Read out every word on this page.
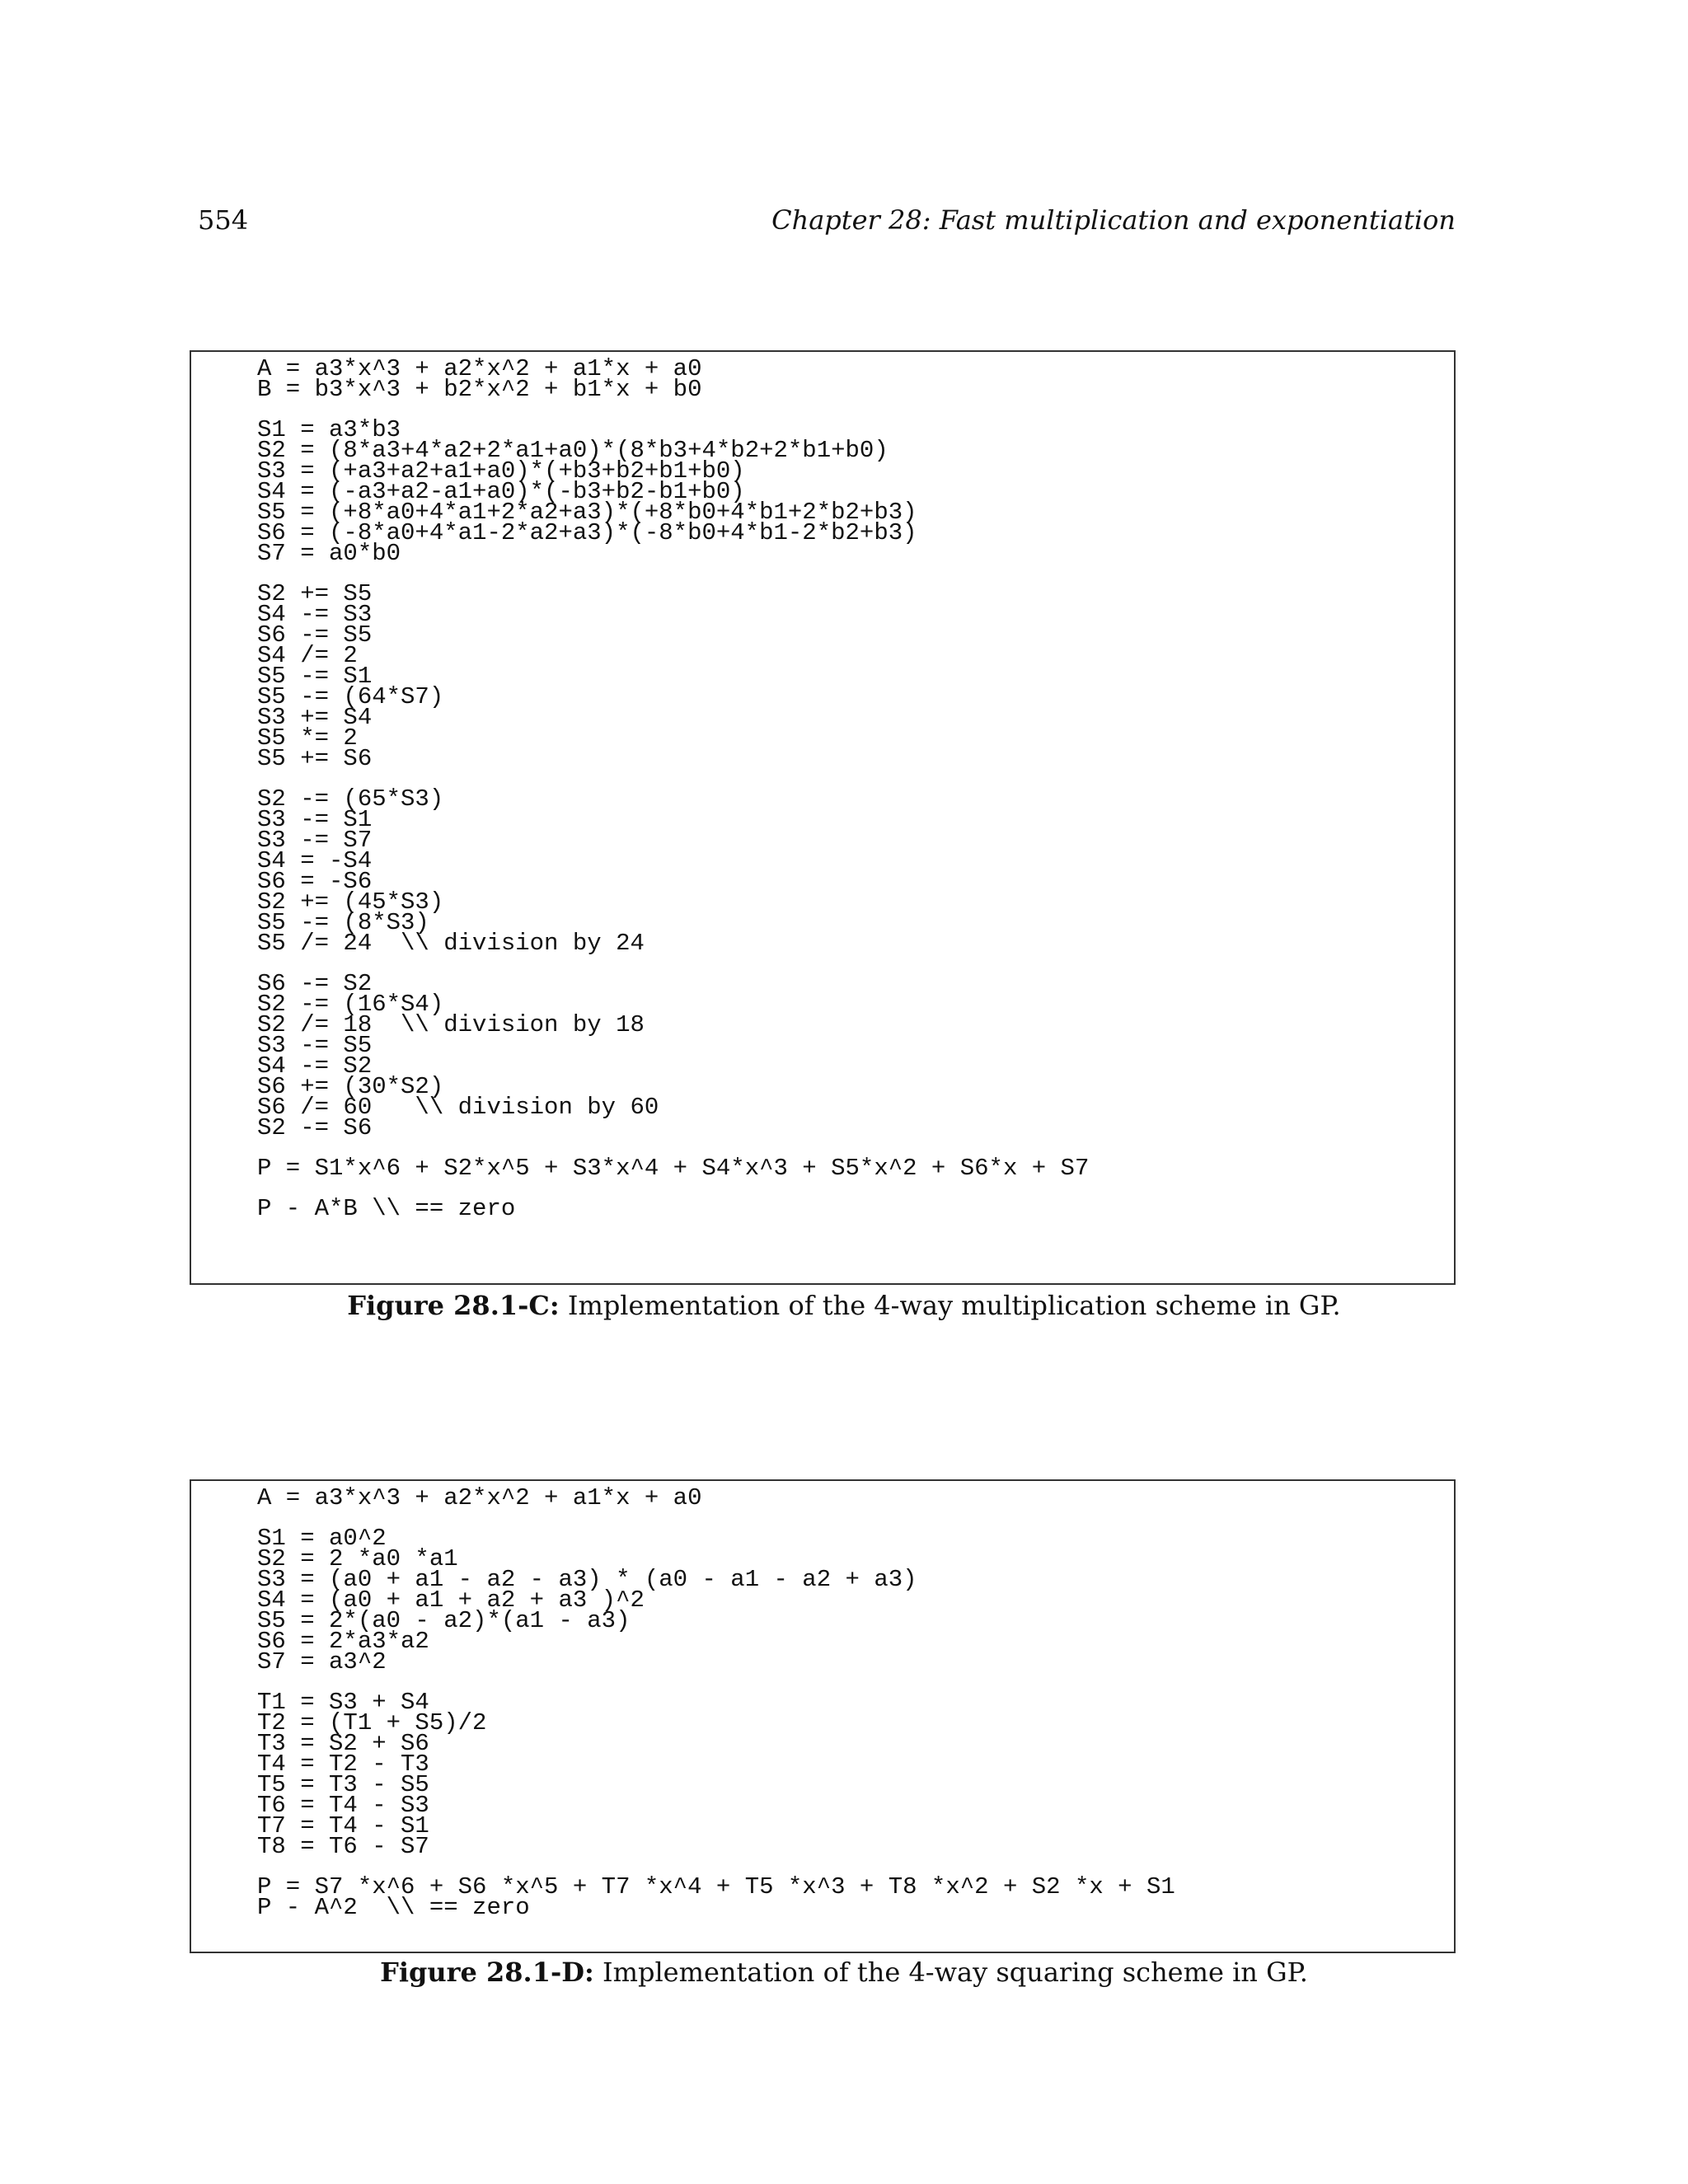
554	Chapter 28: Fast multiplication and exponentiation
A = a3*x^3 + a2*x^2 + a1*x + a0
B = b3*x^3 + b2*x^2 + b1*x + b0
S1 = a3*b3
S2 = (8*a3+4*a2+2*a1+a0)*(8*b3+4*b2+2*b1+b0)
S3 = (+a3+a2+a1+a0)*(+b3+b2+b1+b0)
S4 = (-a3+a2-a1+a0)*(-b3+b2-b1+b0)
S5 = (+8*a0+4*a1+2*a2+a3)*(+8*b0+4*b1+2*b2+b3)
S6 = (-8*a0+4*a1-2*a2+a3)*(-8*b0+4*b1-2*b2+b3)
S7 = a0*b0
S2 += S5
S4 -= S3
S6 -= S5
S4 /= 2
S5 -= S1
S5 -= (64*S7)
S3 += S4
S5 *= 2
S5 += S6
S2 -= (65*S3)
S3 -= S1
S3 -= S7
S4 = -S4
S6 = -S6
S2 += (45*S3)
S5 -= (8*S3)
S5 /= 24  \\ division by 24
S6 -= S2
S2 -= (16*S4)
S2 /= 18  \\ division by 18
S3 -= S5
S4 -= S2
S6 += (30*S2)
S6 /= 60   \\ division by 60
S2 -= S6
P = S1*x^6 + S2*x^5 + S3*x^4 + S4*x^3 + S5*x^2 + S6*x + S7
P - A*B \\ == zero
Figure 28.1-C: Implementation of the 4-way multiplication scheme in GP.
A = a3*x^3 + a2*x^2 + a1*x + a0
S1 = a0^2
S2 = 2 *a0 *a1
S3 = (a0 + a1 - a2 - a3) * (a0 - a1 - a2 + a3)
S4 = (a0 + a1 + a2 + a3 )^2
S5 = 2*(a0 - a2)*(a1 - a3)
S6 = 2*a3*a2
S7 = a3^2
T1 = S3 + S4
T2 = (T1 + S5)/2
T3 = S2 + S6
T4 = T2 - T3
T5 = T3 - S5
T6 = T4 - S3
T7 = T4 - S1
T8 = T6 - S7
P = S7 *x^6 + S6 *x^5 + T7 *x^4 + T5 *x^3 + T8 *x^2 + S2 *x + S1
P - A^2  \\ == zero
Figure 28.1-D: Implementation of the 4-way squaring scheme in GP.
